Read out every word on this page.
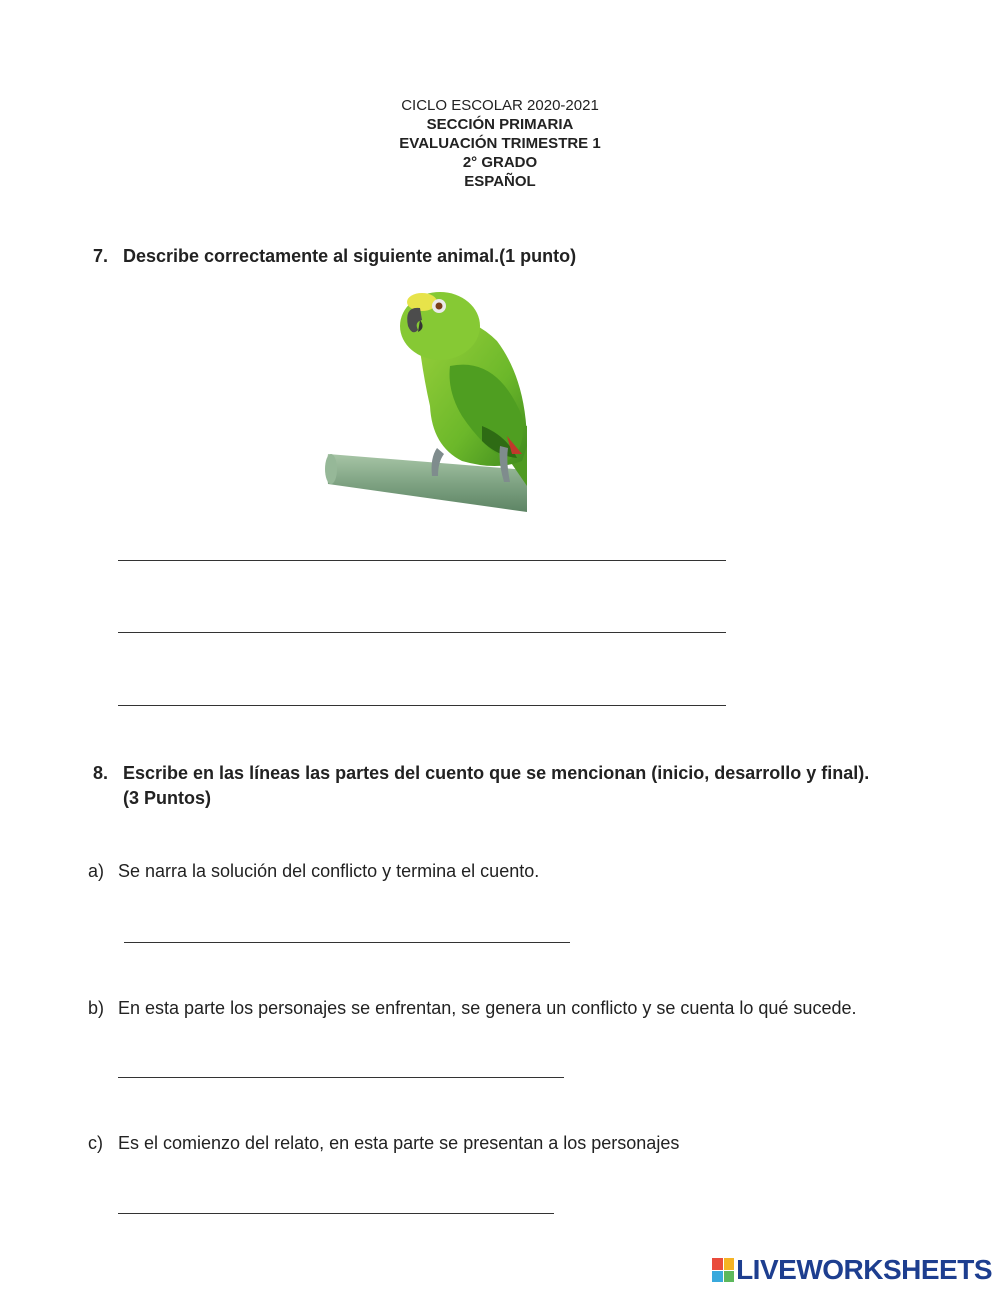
CICLO ESCOLAR 2020-2021
SECCIÓN PRIMARIA
EVALUACIÓN TRIMESTRE 1
2° GRADO
ESPAÑOL
7. Describe correctamente al siguiente animal.(1 punto)
8. Escribe en las líneas las partes del cuento que se mencionan (inicio, desarrollo y final).
(3 Puntos)
a) Se narra la solución del conflicto y termina el cuento.
b) En esta parte los personajes se enfrentan, se genera un conflicto y se cuenta lo qué sucede.
c) Es el comienzo del relato, en esta parte se presentan a los personajes
LIVEWORKSHEETS
